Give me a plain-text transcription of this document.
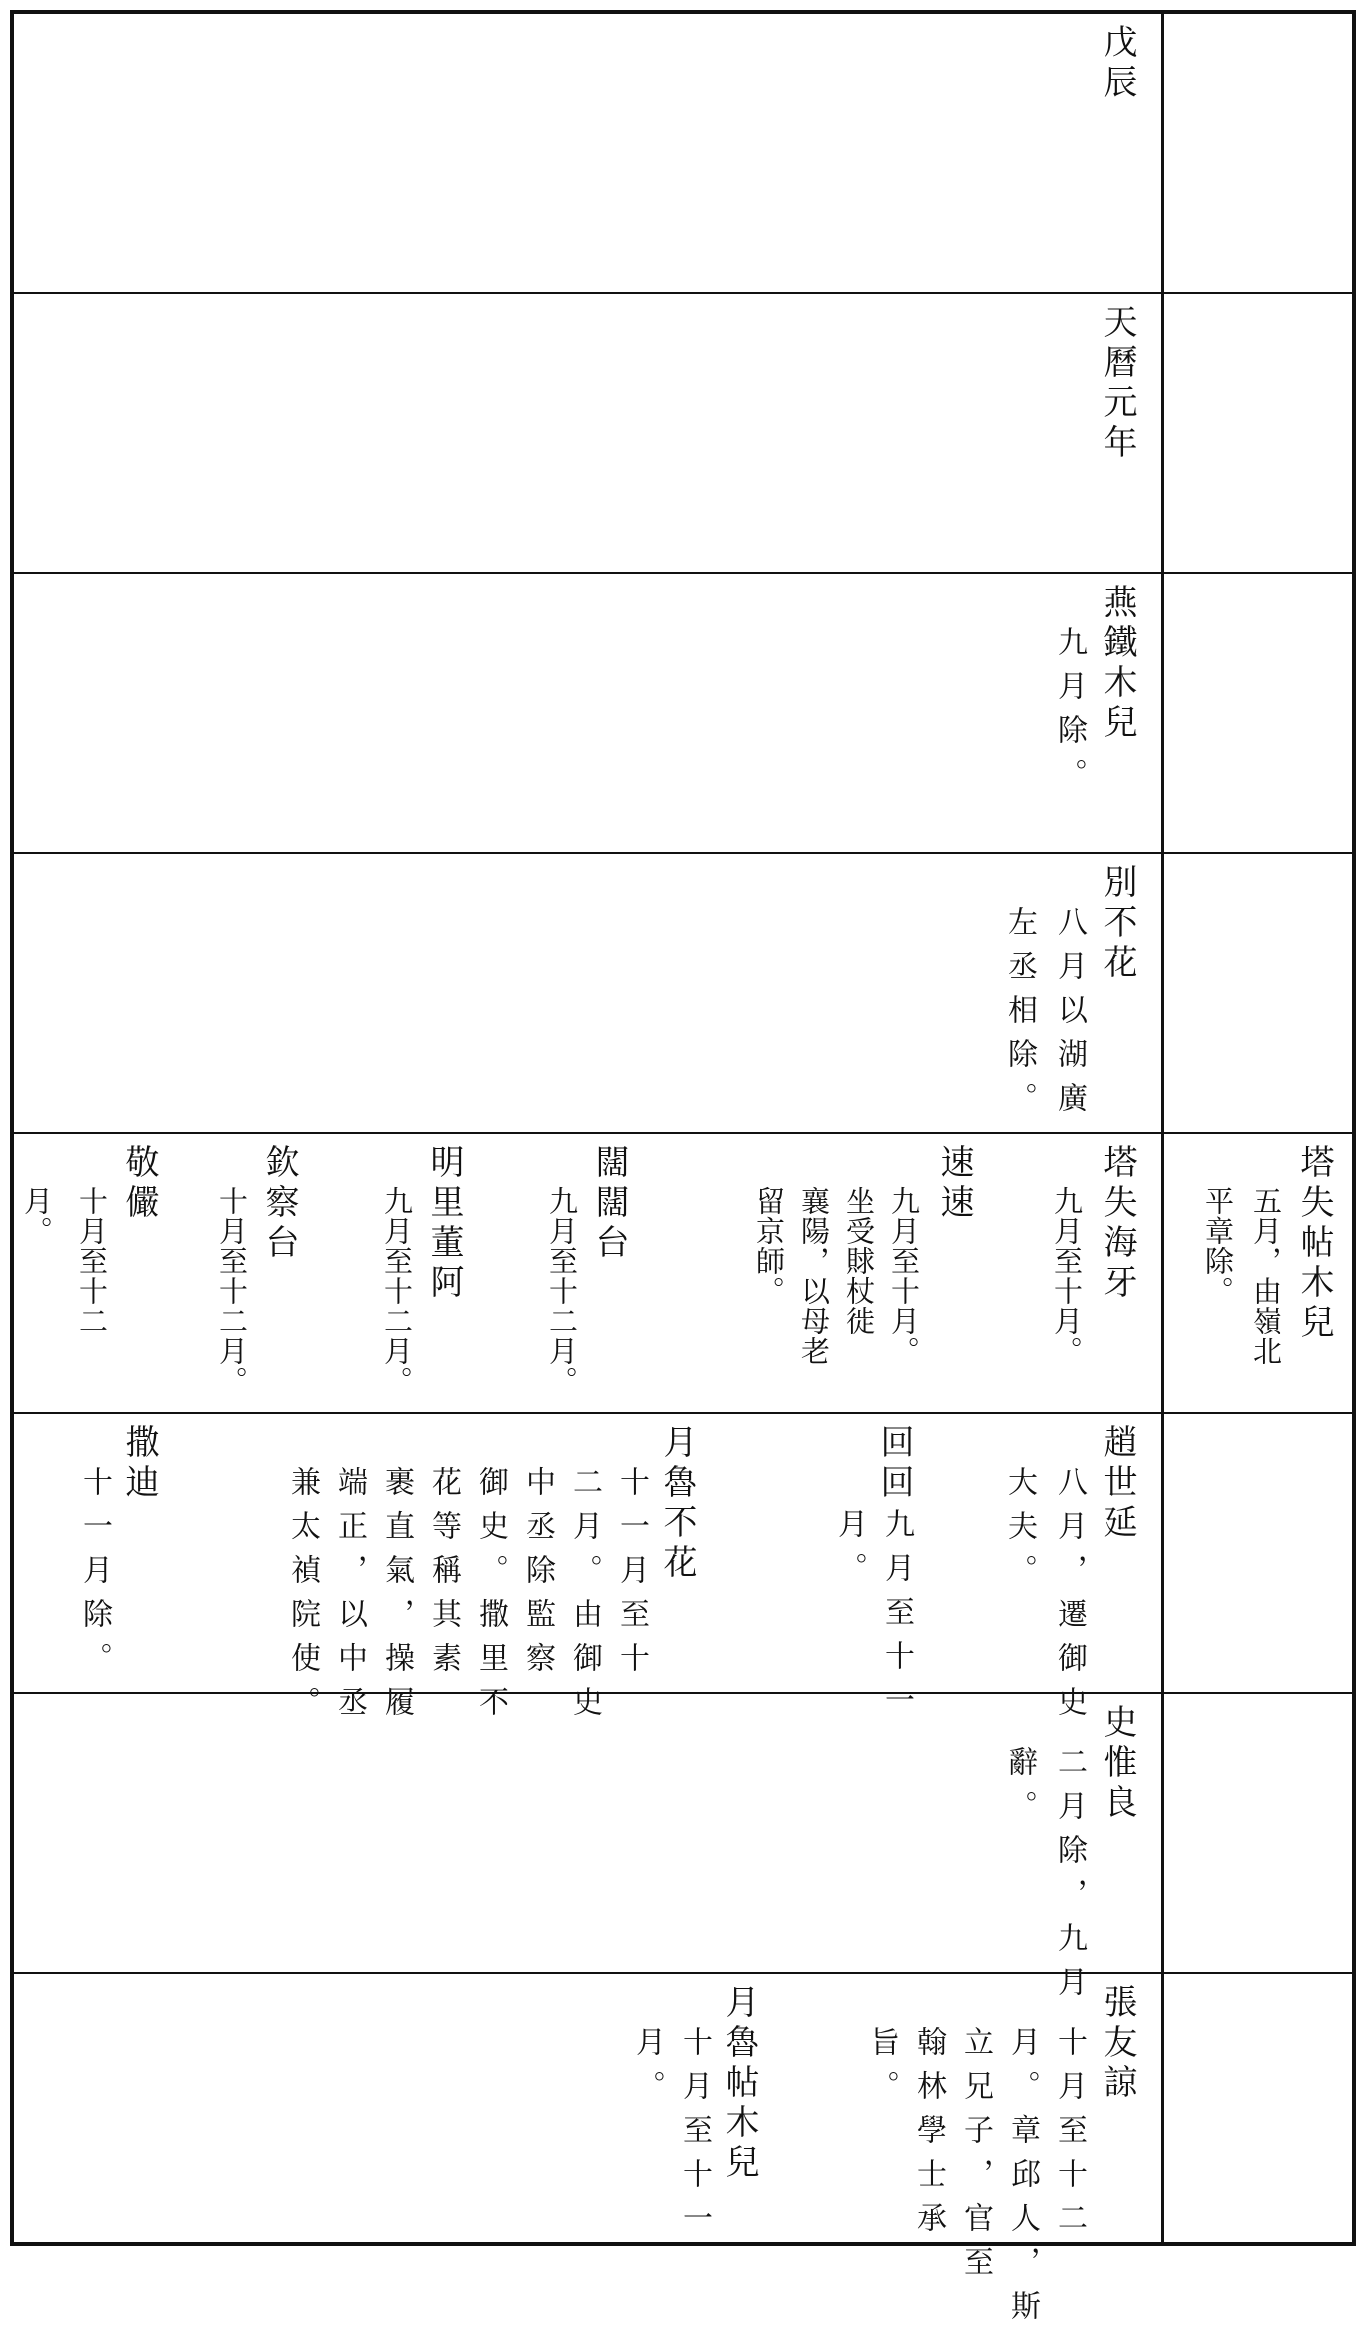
戊辰
天曆元年
燕鐵木兒
九月除。
別不花
八月以湖廣
左丞相除。
塔失海牙
九月至十月。
速速
九月至十月。
坐受賕杖徙
襄陽，以母老
留京師。
闊闊台
九月至十二月。
明里董阿
九月至十二月。
欽察台
十月至十二月。
敬儼
十月至十二
月。	塔失帖木兒
五月，由嶺北
平章除。
趙世延
八月，遷御史
大夫。
回回
九月至十一
月。
月魯不花
十一月至十
二月。由御史
中丞除監察
御史。撒里不
花等稱其素
裹直氣，操履
端正，以中丞
兼太禎院使。
撒迪
十一月除。
史惟良
二月除，九月
辭。
張友諒
十月至十二
月。章邱人，斯
立兄子，官至
翰林學士承
旨。
月魯帖木兒
十月至十一
月。
